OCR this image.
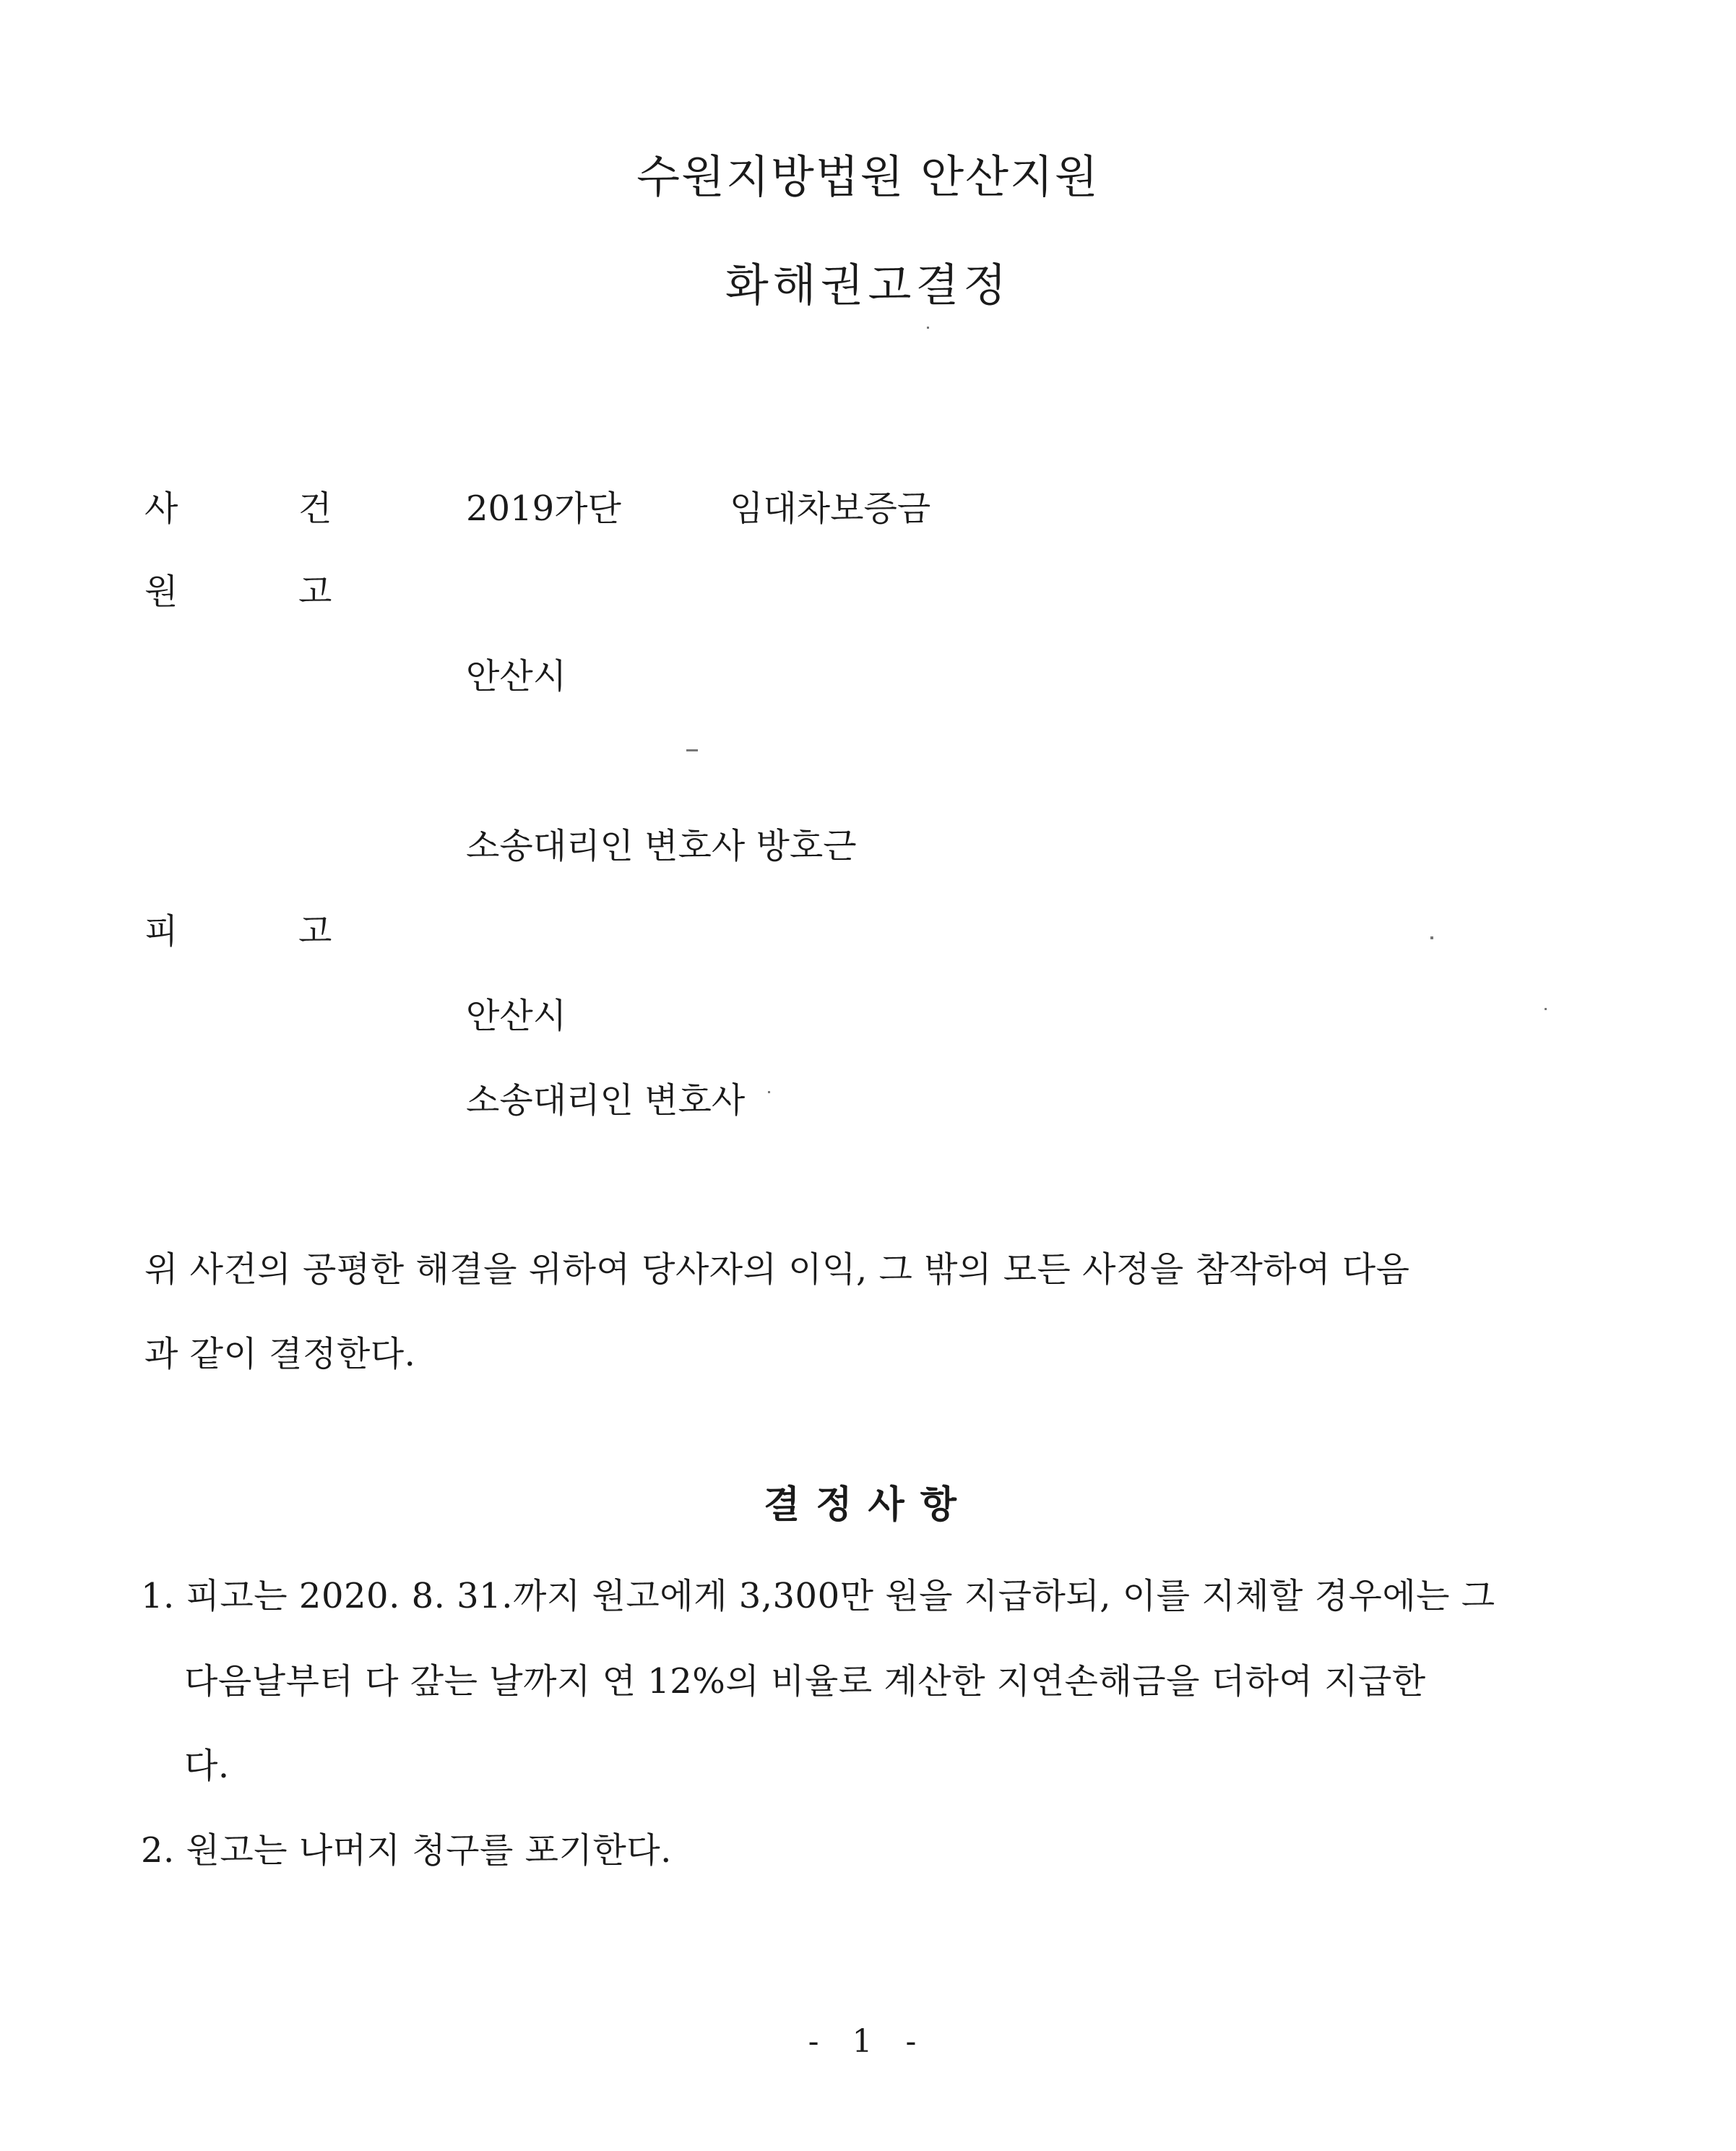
수원지방법원 안산지원
화해권고결정
사	건	2019가단	임대차보증금
원	고
안산시
소송대리인 변호사 방호근
피	고
안산시
소송대리인 변호사
위 사건의 공평한 해결을 위하여 당사자의 이익, 그 밖의 모든 사정을 참작하여 다음
과 같이 결정한다.
결정사항
1. 피고는 2020. 8. 31.까지 원고에게 3,300만 원을 지급하되, 이를 지체할 경우에는 그
다음날부터 다 갚는 날까지 연 12%의 비율로 계산한 지연손해금을 더하여 지급한
다.
2. 원고는 나머지 청구를 포기한다.
- 1 -
